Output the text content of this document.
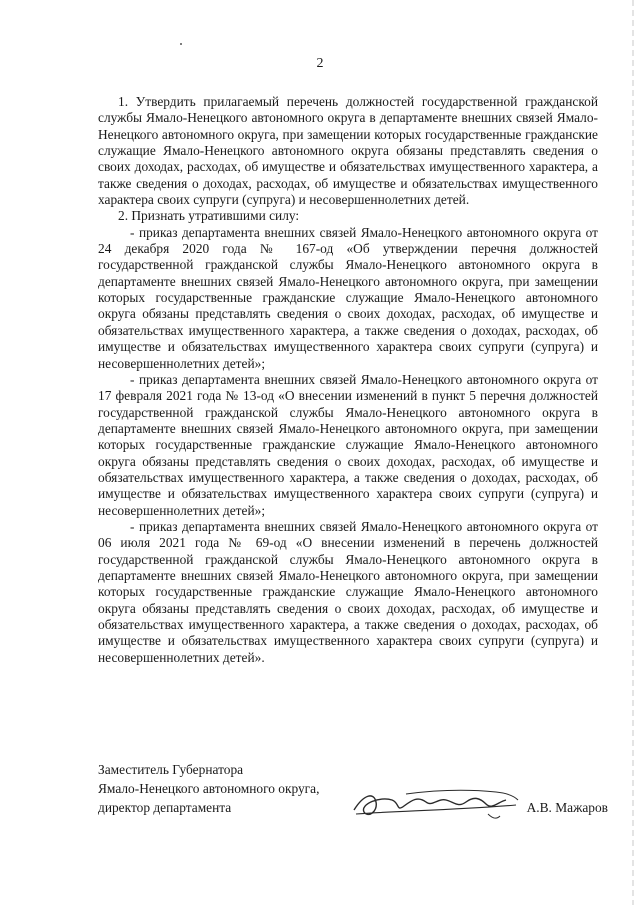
2

1. Утвердить прилагаемый перечень должностей государственной гражданской службы Ямало-Ненецкого автономного округа в департаменте внешних связей Ямало-Ненецкого автономного округа, при замещении которых государственные гражданские служащие Ямало-Ненецкого автономного округа обязаны представлять сведения о своих доходах, расходах, об имуществе и обязательствах имущественного характера, а также сведения о доходах, расходах, об имуществе и обязательствах имущественного характера своих супруги (супруга) и несовершеннолетних детей.

2. Признать утратившими силу:

- приказ департамента внешних связей Ямало-Ненецкого автономного округа от 24 декабря 2020 года № 167-од «Об утверждении перечня должностей государственной гражданской службы Ямало-Ненецкого автономного округа в департаменте внешних связей Ямало-Ненецкого автономного округа, при замещении которых государственные гражданские служащие Ямало-Ненецкого автономного округа обязаны представлять сведения о своих доходах, расходах, об имуществе и обязательствах имущественного характера, а также сведения о доходах, расходах, об имуществе и обязательствах имущественного характера своих супруги (супруга) и несовершеннолетних детей»;

- приказ департамента внешних связей Ямало-Ненецкого автономного округа от 17 февраля 2021 года № 13-од «О внесении изменений в пункт 5 перечня должностей государственной гражданской службы Ямало-Ненецкого автономного округа в департаменте внешних связей Ямало-Ненецкого автономного округа, при замещении которых государственные гражданские служащие Ямало-Ненецкого автономного округа обязаны представлять сведения о своих доходах, расходах, об имуществе и обязательствах имущественного характера, а также сведения о доходах, расходах, об имуществе и обязательствах имущественного характера своих супруги (супруга) и несовершеннолетних детей»;

- приказ департамента внешних связей Ямало-Ненецкого автономного округа от 06 июля 2021 года № 69-од «О внесении изменений в перечень должностей государственной гражданской службы Ямало-Ненецкого автономного округа в департаменте внешних связей Ямало-Ненецкого автономного округа, при замещении которых государственные гражданские служащие Ямало-Ненецкого автономного округа обязаны представлять сведения о своих доходах, расходах, об имуществе и обязательствах имущественного характера, а также сведения о доходах, расходах, об имуществе и обязательствах имущественного характера своих супруги (супруга) и несовершеннолетних детей».

Заместитель Губернатора
Ямало-Ненецкого автономного округа,
директор департамента	А.В. Мажаров
